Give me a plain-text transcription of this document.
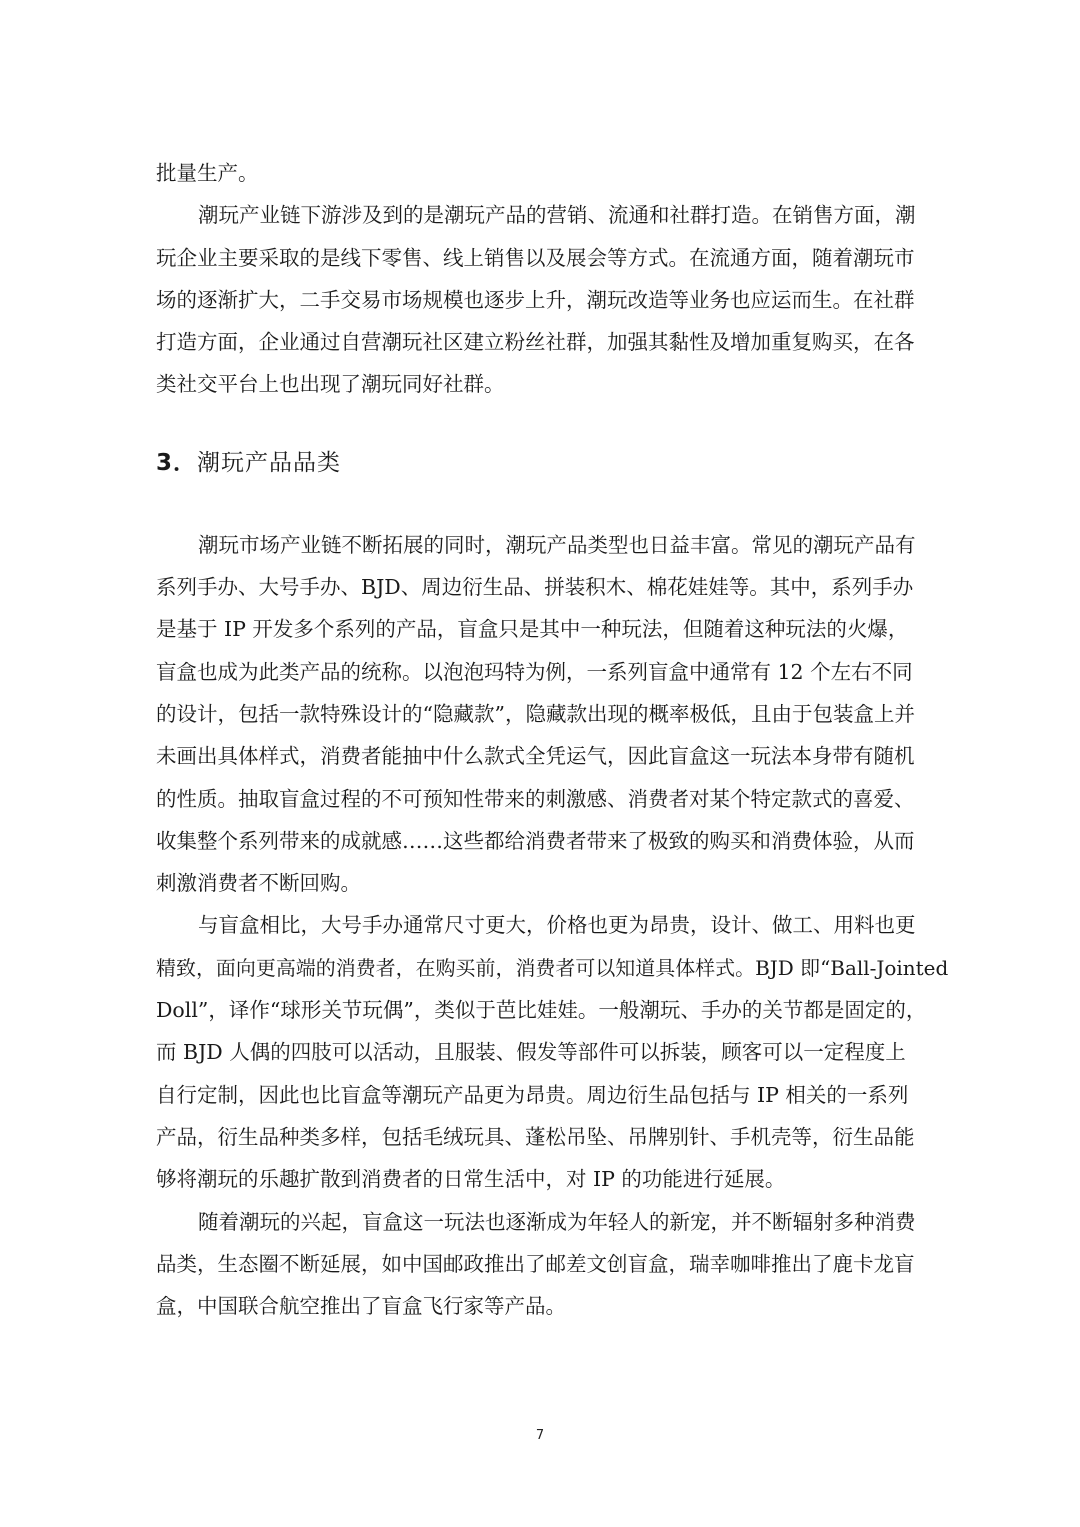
批量生产。

潮玩产业链下游涉及到的是潮玩产品的营销、流通和社群打造。在销售方面，潮
玩企业主要采取的是线下零售、线上销售以及展会等方式。在流通方面，随着潮玩市
场的逐渐扩大，二手交易市场规模也逐步上升，潮玩改造等业务也应运而生。在社群
打造方面，企业通过自营潮玩社区建立粉丝社群，加强其黏性及增加重复购买，在各
类社交平台上也出现了潮玩同好社群。

3．潮玩产品品类

潮玩市场产业链不断拓展的同时，潮玩产品类型也日益丰富。常见的潮玩产品有
系列手办、大号手办、BJD、周边衍生品、拼装积木、棉花娃娃等。其中，系列手办
是基于 IP 开发多个系列的产品，盲盒只是其中一种玩法，但随着这种玩法的火爆，
盲盒也成为此类产品的统称。以泡泡玛特为例，一系列盲盒中通常有 12 个左右不同
的设计，包括一款特殊设计的“隐藏款”，隐藏款出现的概率极低，且由于包装盒上并
未画出具体样式，消费者能抽中什么款式全凭运气，因此盲盒这一玩法本身带有随机
的性质。抽取盲盒过程的不可预知性带来的刺激感、消费者对某个特定款式的喜爱、
收集整个系列带来的成就感……这些都给消费者带来了极致的购买和消费体验，从而
刺激消费者不断回购。

与盲盒相比，大号手办通常尺寸更大，价格也更为昂贵，设计、做工、用料也更
精致，面向更高端的消费者，在购买前，消费者可以知道具体样式。BJD 即“Ball-Jointed
Doll”，译作“球形关节玩偶”，类似于芭比娃娃。一般潮玩、手办的关节都是固定的，
而 BJD 人偶的四肢可以活动，且服装、假发等部件可以拆装，顾客可以一定程度上
自行定制，因此也比盲盒等潮玩产品更为昂贵。周边衍生品包括与 IP 相关的一系列
产品，衍生品种类多样，包括毛绒玩具、蓬松吊坠、吊牌别针、手机壳等，衍生品能
够将潮玩的乐趣扩散到消费者的日常生活中，对 IP 的功能进行延展。

随着潮玩的兴起，盲盒这一玩法也逐渐成为年轻人的新宠，并不断辐射多种消费
品类，生态圈不断延展，如中国邮政推出了邮差文创盲盒，瑞幸咖啡推出了鹿卡龙盲
盒，中国联合航空推出了盲盒飞行家等产品。

7
